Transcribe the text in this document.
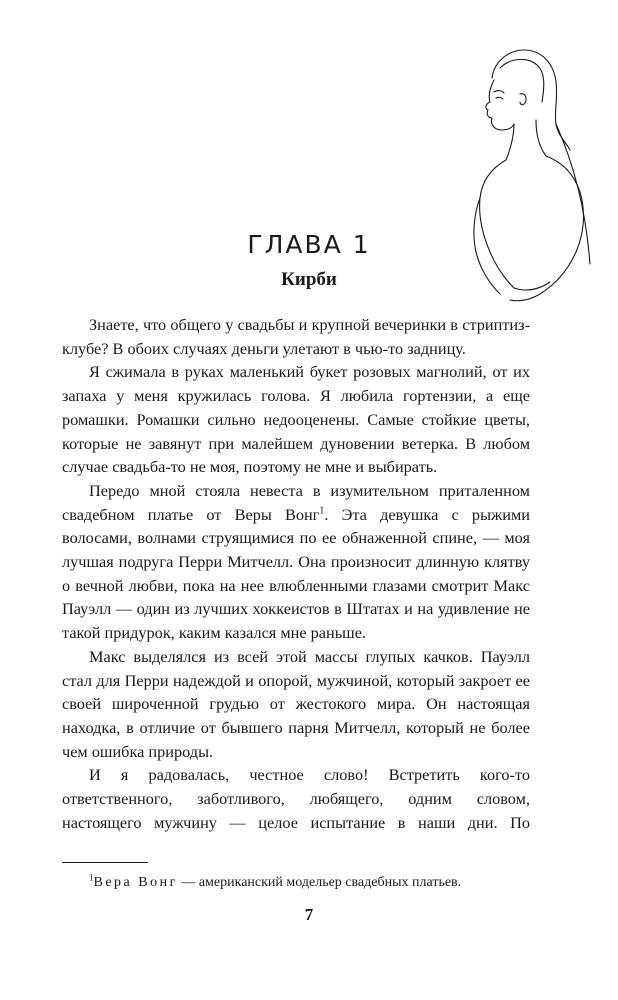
ГЛАВА 1
Кирби

Знаете, что общего у свадьбы и крупной вечеринки в стриптиз-клубе? В обоих случаях деньги улетают в чью-то задницу.

Я сжимала в руках маленький букет розовых магнолий, от их запаха у меня кружилась голова. Я любила гортензии, а еще ромашки. Ромашки сильно недооценены. Самые стойкие цветы, которые не завянут при малейшем дуновении ветерка. В любом случае свадьба-то не моя, поэтому не мне и выбирать.

Передо мной стояла невеста в изумительном приталенном свадебном платье от Веры Вонг$^1$. Эта девушка с рыжими волосами, волнами струящимися по ее обнаженной спине, — моя лучшая подруга Перри Митчелл. Она произносит длинную клятву о вечной любви, пока на нее влюбленными глазами смотрит Макс Пауэлл — один из лучших хоккеистов в Штатах и на удивление не такой придурок, каким казался мне раньше.

Макс выделялся из всей этой массы глупых качков. Пауэлл стал для Перри надеждой и опорой, мужчиной, который закроет ее своей широченной грудью от жестокого мира. Он настоящая находка, в отличие от бывшего парня Митчелл, который не более чем ошибка природы.

И я радовалась, честное слово! Встретить кого-то ответственного, заботливого, любящего, одним словом, настоящего мужчину — целое испытание в наши дни. По

$^1$Вера Вонг — американский модельер свадебных платьев.

7
